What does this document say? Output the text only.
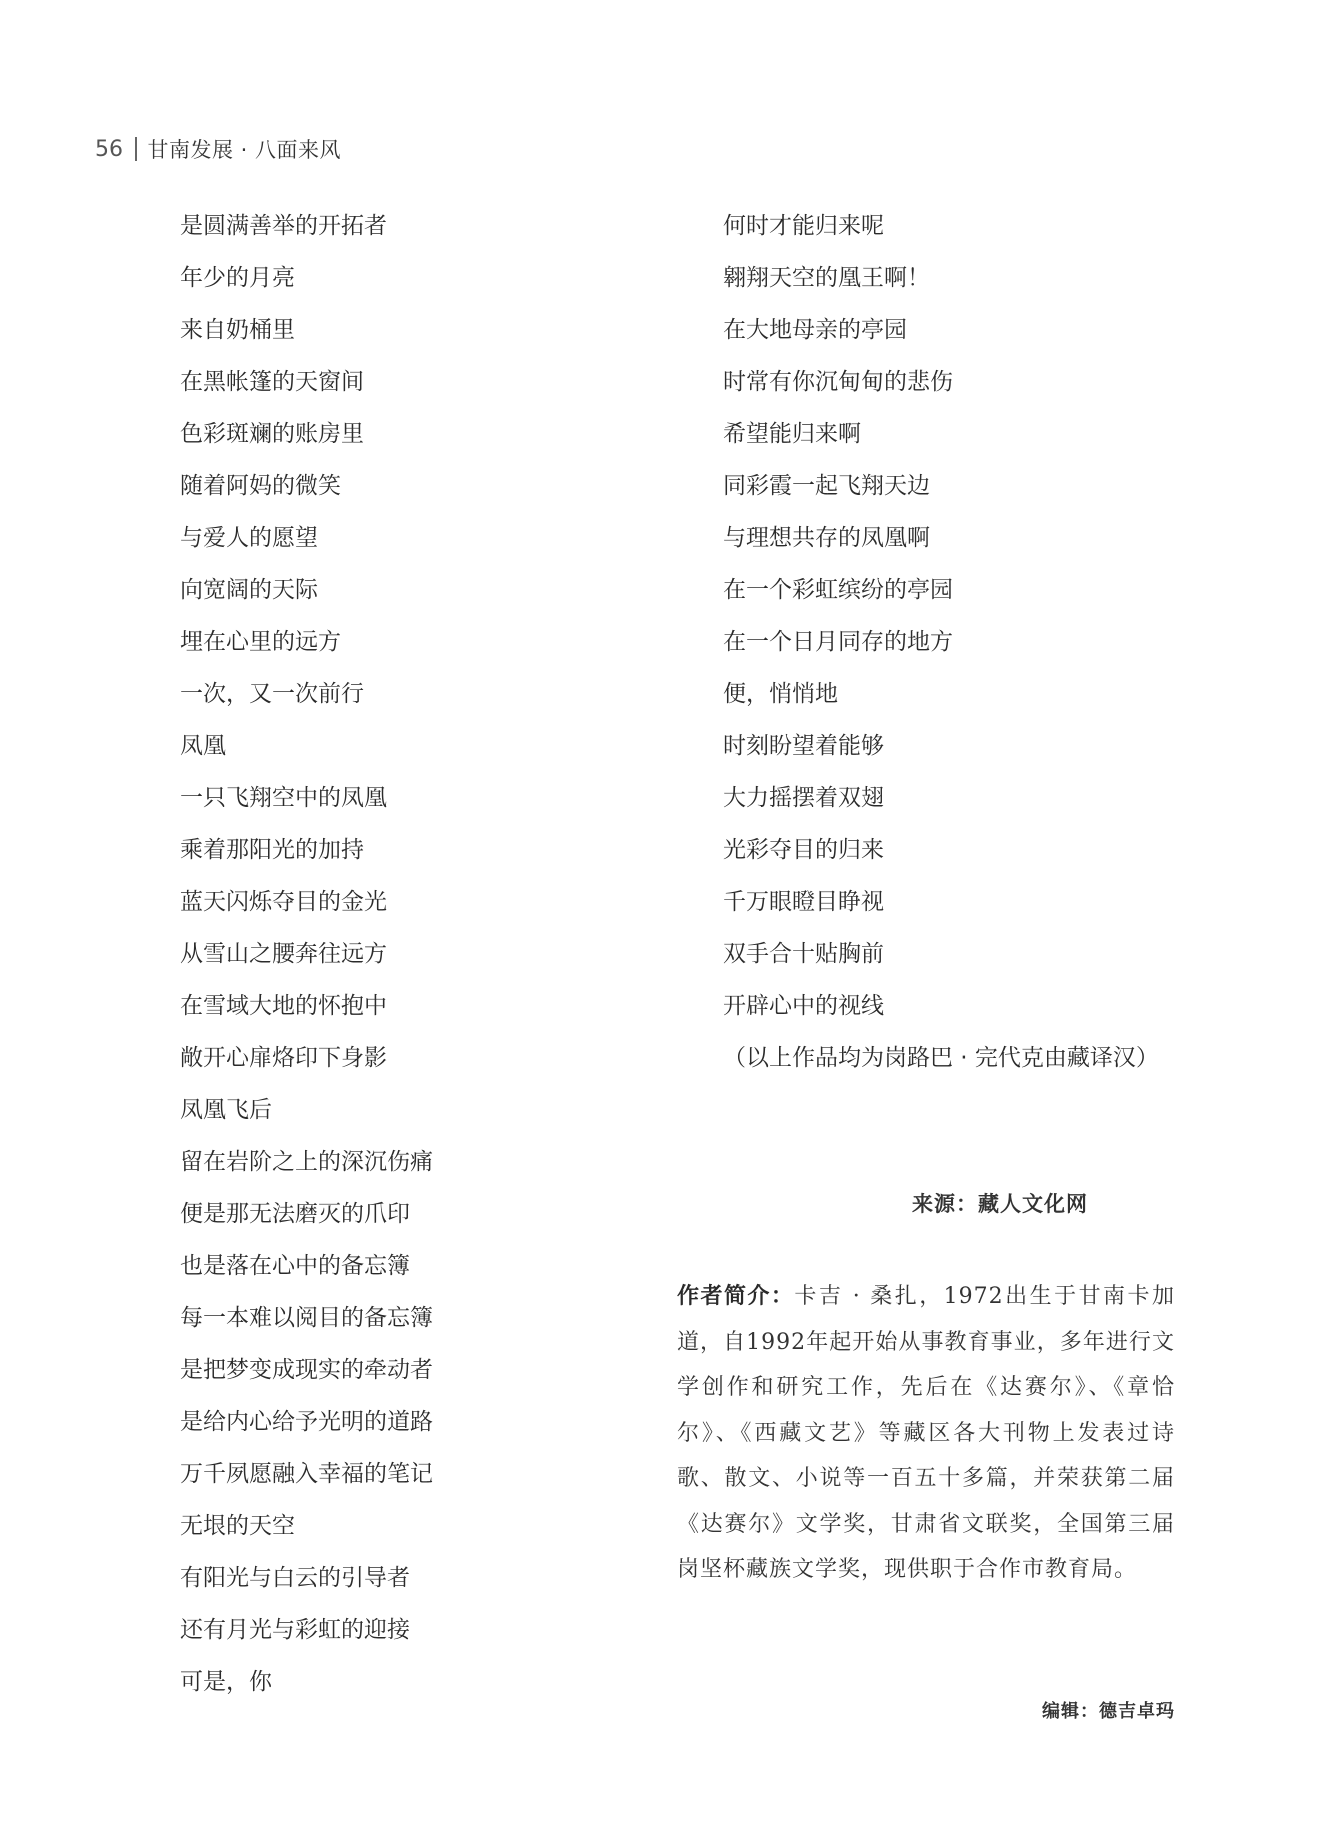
56 甘南发展 · 八面来风
是圆满善举的开拓者
年少的月亮
来自奶桶里
在黑帐篷的天窗间
色彩斑斓的账房里
随着阿妈的微笑
与爱人的愿望
向宽阔的天际
埋在心里的远方
一次，又一次前行
凤凰
一只飞翔空中的凤凰
乘着那阳光的加持
蓝天闪烁夺目的金光
从雪山之腰奔往远方
在雪域大地的怀抱中
敞开心扉烙印下身影
凤凰飞后
留在岩阶之上的深沉伤痛
便是那无法磨灭的爪印
也是落在心中的备忘簿
每一本难以阅目的备忘簿
是把梦变成现实的牵动者
是给内心给予光明的道路
万千夙愿融入幸福的笔记
无垠的天空
有阳光与白云的引导者
还有月光与彩虹的迎接
可是，你
何时才能归来呢
翱翔天空的凰王啊！
在大地母亲的亭园
时常有你沉甸甸的悲伤
希望能归来啊
同彩霞一起飞翔天边
与理想共存的凤凰啊
在一个彩虹缤纷的亭园
在一个日月同存的地方
便，悄悄地
时刻盼望着能够
大力摇摆着双翅
光彩夺目的归来
千万眼瞪目睁视
双手合十贴胸前
开辟心中的视线
（以上作品均为岗路巴 · 完代克由藏译汉）
来源：藏人文化网

作者简介：卡吉 · 桑扎，1972出生于甘南卡加道，自1992年起开始从事教育事业，多年进行文学创作和研究工作，先后在《达赛尔》、《章恰尔》、《西藏文艺》等藏区各大刊物上发表过诗歌、散文、小说等一百五十多篇，并荣获第二届《达赛尔》文学奖，甘肃省文联奖，全国第三届岗坚杯藏族文学奖，现供职于合作市教育局。

编辑：德吉卓玛
